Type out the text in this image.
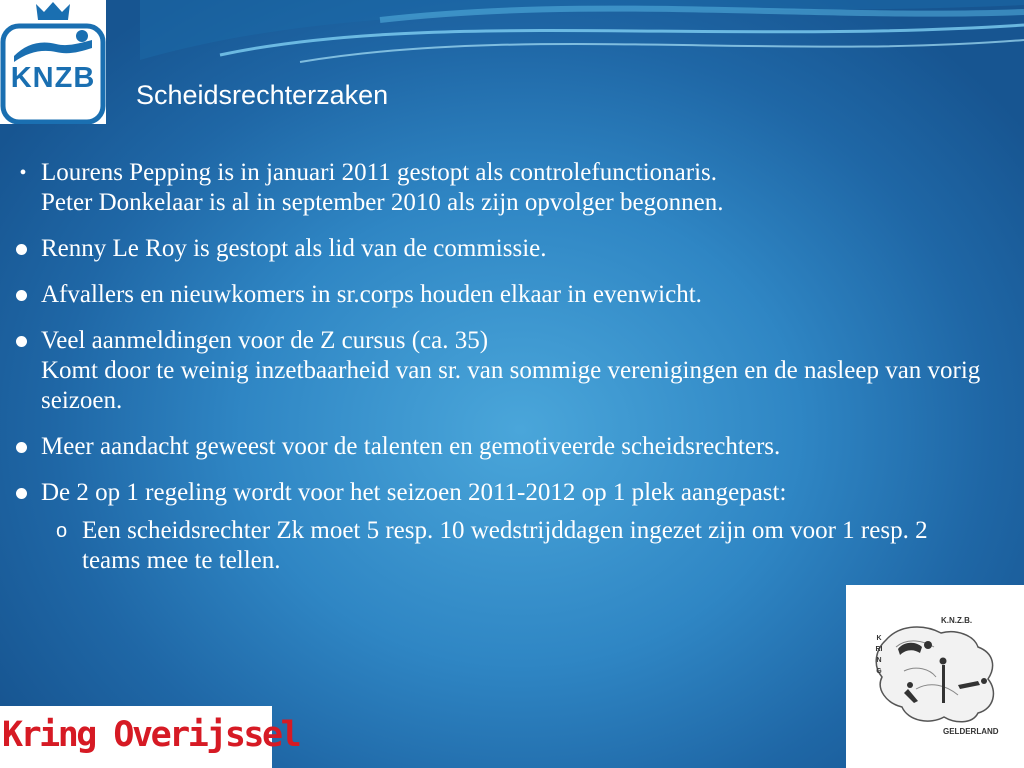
KNZB
Scheidsrechterzaken
• Lourens Pepping is in januari 2011 gestopt als controlefunctionaris.
Peter Donkelaar is al in september 2010 als zijn opvolger begonnen.
Renny Le Roy is gestopt als lid van de commissie.
Afvallers en nieuwkomers in sr.corps houden elkaar in evenwicht.
Veel aanmeldingen voor de Z cursus (ca. 35)
Komt door te weinig inzetbaarheid van sr. van sommige verenigingen en de nasleep van vorig seizoen.
Meer aandacht geweest voor de talenten en gemotiveerde scheidsrechters.
De 2 op 1 regeling wordt voor het seizoen 2011-2012 op 1 plek aangepast:
o Een scheidsrechter Zk moet 5 resp. 10 wedstrijddagen ingezet zijn om voor 1 resp. 2 teams mee te tellen.
Kring Overijssel
K.N.Z.B.
KRING
GELDERLAND
